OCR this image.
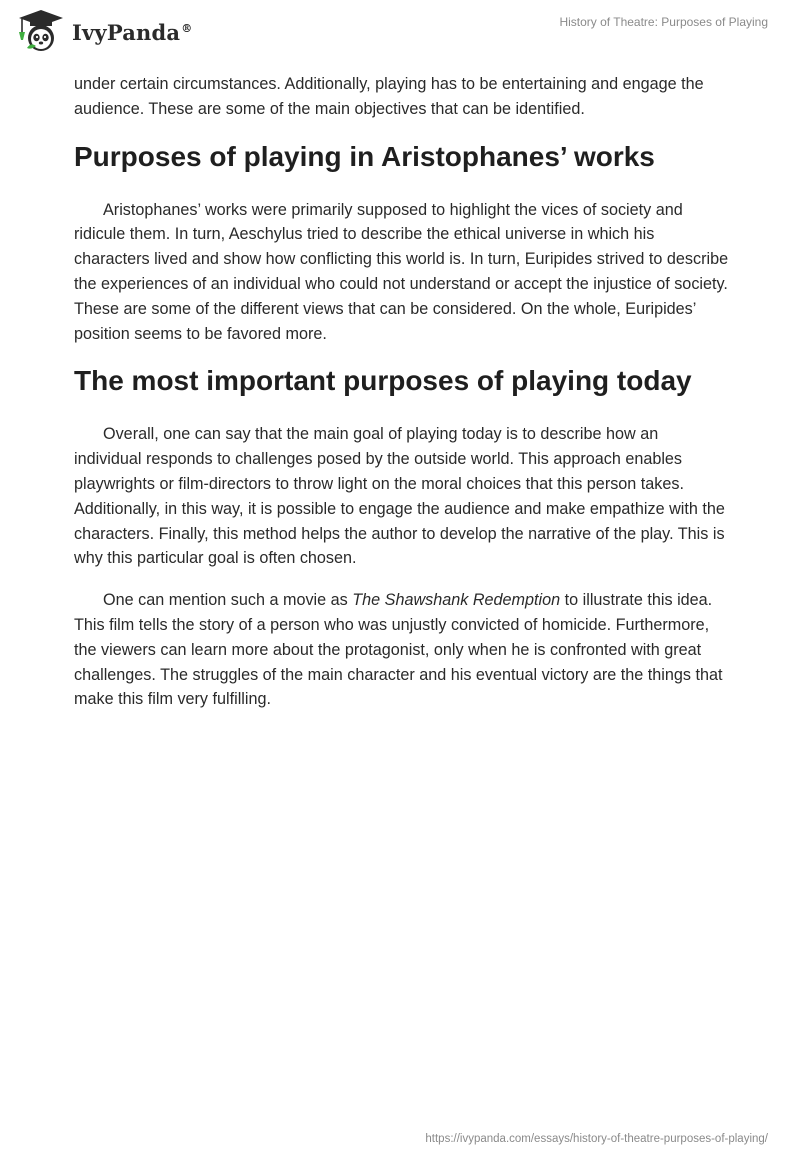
IvyPanda®	History of Theatre: Purposes of Playing

under certain circumstances. Additionally, playing has to be entertaining and engage the audience. These are some of the main objectives that can be identified.

Purposes of playing in Aristophanes’ works

Aristophanes’ works were primarily supposed to highlight the vices of society and ridicule them. In turn, Aeschylus tried to describe the ethical universe in which his characters lived and show how conflicting this world is. In turn, Euripides strived to describe the experiences of an individual who could not understand or accept the injustice of society. These are some of the different views that can be considered. On the whole, Euripides’ position seems to be favored more.

The most important purposes of playing today

Overall, one can say that the main goal of playing today is to describe how an individual responds to challenges posed by the outside world. This approach enables playwrights or film-directors to throw light on the moral choices that this person takes. Additionally, in this way, it is possible to engage the audience and make empathize with the characters. Finally, this method helps the author to develop the narrative of the play. This is why this particular goal is often chosen.

One can mention such a movie as The Shawshank Redemption to illustrate this idea. This film tells the story of a person who was unjustly convicted of homicide. Furthermore, the viewers can learn more about the protagonist, only when he is confronted with great challenges. The struggles of the main character and his eventual victory are the things that make this film very fulfilling.

https://ivypanda.com/essays/history-of-theatre-purposes-of-playing/
